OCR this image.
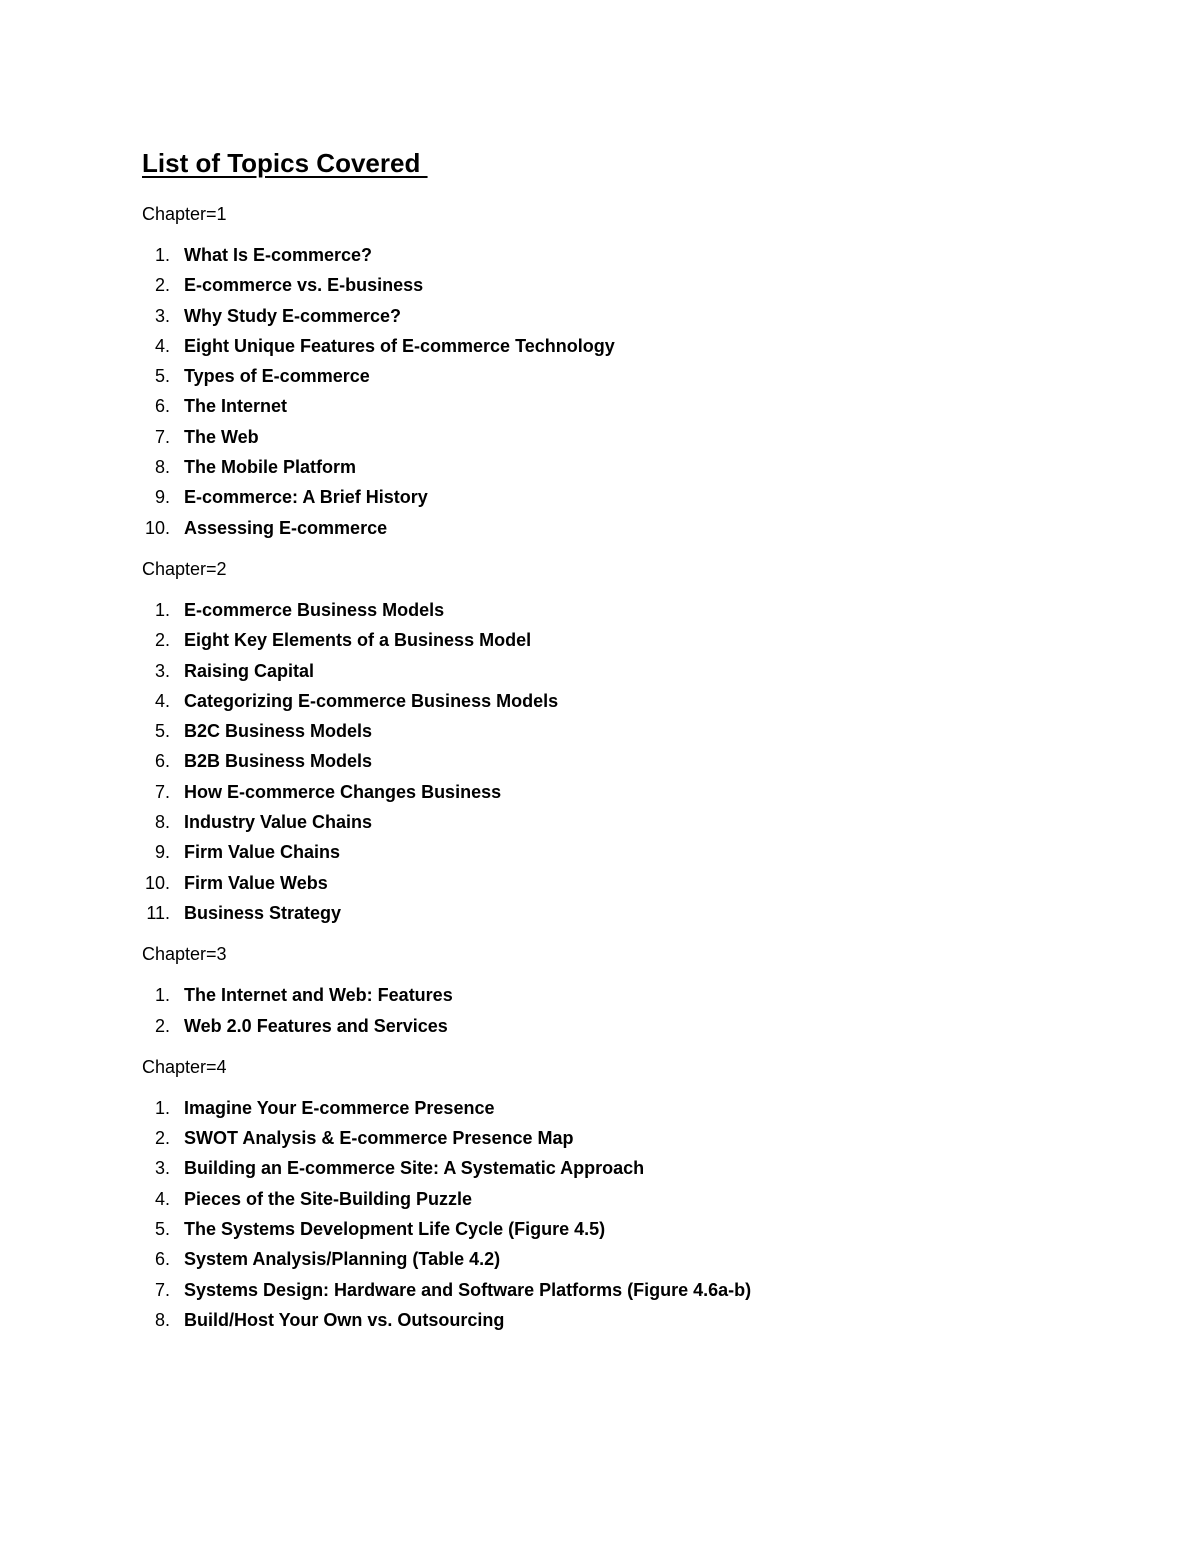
List of Topics Covered

Chapter=1

1. What Is E-commerce?
2. E-commerce vs. E-business
3. Why Study E-commerce?
4. Eight Unique Features of E-commerce Technology
5. Types of E-commerce
6. The Internet
7. The Web
8. The Mobile Platform
9. E-commerce: A Brief History
10. Assessing E-commerce

Chapter=2

1. E-commerce Business Models
2. Eight Key Elements of a Business Model
3. Raising Capital
4. Categorizing E-commerce Business Models
5. B2C Business Models
6. B2B Business Models
7. How E-commerce Changes Business
8. Industry Value Chains
9. Firm Value Chains
10. Firm Value Webs
11. Business Strategy

Chapter=3

1. The Internet and Web: Features
2. Web 2.0 Features and Services

Chapter=4

1. Imagine Your E-commerce Presence
2. SWOT Analysis & E-commerce Presence Map
3. Building an E-commerce Site: A Systematic Approach
4. Pieces of the Site-Building Puzzle
5. The Systems Development Life Cycle (Figure 4.5)
6. System Analysis/Planning (Table 4.2)
7. Systems Design: Hardware and Software Platforms (Figure 4.6a-b)
8. Build/Host Your Own vs. Outsourcing
